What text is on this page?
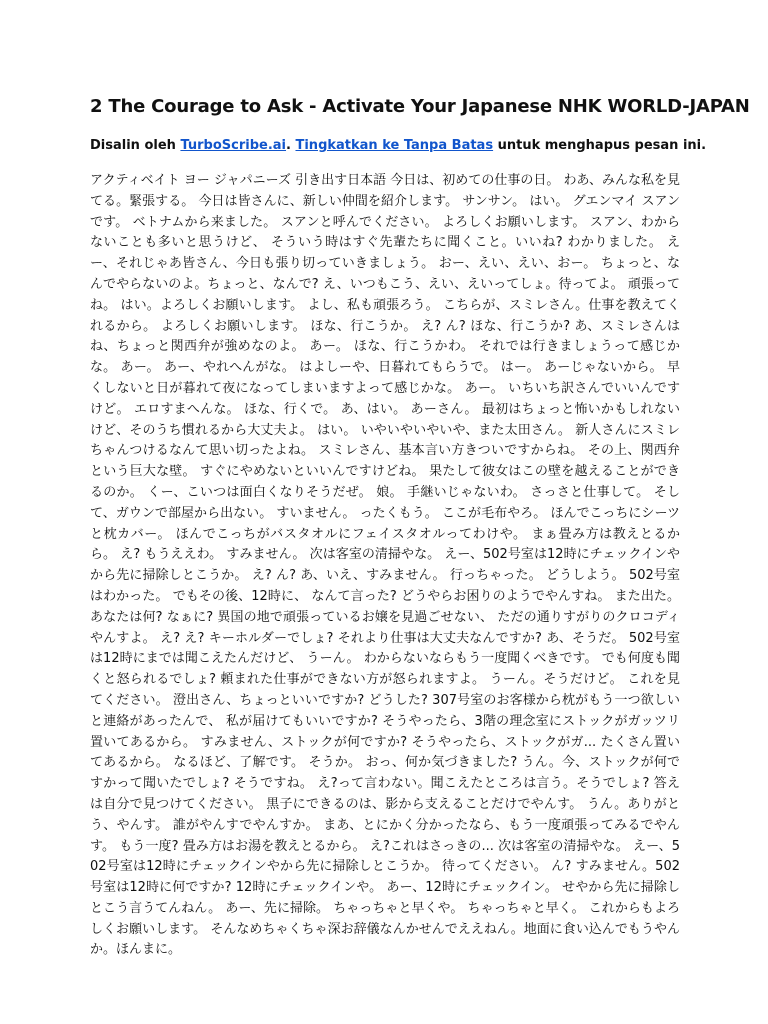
2 The Courage to Ask - Activate Your Japanese NHK WORLD-JAPAN

Disalin oleh TurboScribe.ai. Tingkatkan ke Tanpa Batas untuk menghapus pesan ini.

アクティベイト ヨー ジャパニーズ 引き出す日本語 今日は、初めての仕事の日。 わあ、みんな私を見てる。緊張する。 今日は皆さんに、新しい仲間を紹介します。 サンサン。 はい。 グエンマイ スアンです。 ベトナムから来ました。 スアンと呼んでください。 よろしくお願いします。 スアン、わからないことも多いと思うけど、 そういう時はすぐ先輩たちに聞くこと。いいね? わかりました。 えー、それじゃあ皆さん、今日も張り切っていきましょう。 おー、えい、えい、おー。 ちょっと、なんでやらないのよ。ちょっと、なんで? え、いつもこう、えい、えいってしょ。待ってよ。 頑張ってね。 はい。よろしくお願いします。 よし、私も頑張ろう。 こちらが、スミレさん。仕事を教えてくれるから。 よろしくお願いします。 ほな、行こうか。 え? ん? ほな、行こうか? あ、スミレさんはね、ちょっと関西弁が強めなのよ。 あー。 ほな、行こうかわ。 それでは行きましょうって感じかな。 あー。 あー、やれへんがな。 はよしーや、日暮れてもらうで。 はー。 あーじゃないから。 早くしないと日が暮れて夜になってしまいますよって感じかな。 あー。 いちいち訳さんでいいんですけど。 エロすまへんな。 ほな、行くで。 あ、はい。 あーさん。 最初はちょっと怖いかもしれないけど、そのうち慣れるから大丈夫よ。 はい。 いやいやいやいや、また太田さん。 新人さんにスミレちゃんつけるなんて思い切ったよね。 スミレさん、基本言い方きついですからね。 その上、関西弁という巨大な壁。 すぐにやめないといいんですけどね。 果たして彼女はこの壁を越えることができるのか。 くー、こいつは面白くなりそうだぜ。 娘。 手継いじゃないわ。 さっさと仕事して。 そして、ガウンで部屋から出ない。 すいません。 ったくもう。 ここが毛布やろ。 ほんでこっちにシーツと枕カバー。 ほんでこっちがバスタオルにフェイスタオルってわけや。 まぁ畳み方は教えとるから。 え? もうええわ。 すみません。 次は客室の清掃やな。 えー、502号室は12時にチェックインやから先に掃除しとこうか。 え? ん? あ、いえ、すみません。 行っちゃった。 どうしよう。 502号室はわかった。 でもその後、12時に、 なんて言った? どうやらお困りのようでやんすね。 また出た。 あなたは何? なぁに? 異国の地で頑張っているお嬢を見過ごせない、 ただの通りすがりのクロコディやんすよ。 え? え? キーホルダーでしょ? それより仕事は大丈夫なんですか? あ、そうだ。 502号室は12時にまでは聞こえたんだけど、 うーん。 わからないならもう一度聞くべきです。 でも何度も聞くと怒られるでしょ? 頼まれた仕事ができない方が怒られますよ。 うーん。そうだけど。 これを見てください。 澄出さん、ちょっといいですか? どうした? 307号室のお客様から枕がもう一つ欲しいと連絡があったんで、 私が届けてもいいですか? そうやったら、3階の理念室にストックがガッツリ置いてあるから。 すみません、ストックが何ですか? そうやったら、ストックがガ... たくさん置いてあるから。 なるほど、了解です。 そうか。 おっ、何か気づきました? うん。今、ストックが何ですかって聞いたでしょ? そうですね。 え?って言わない。聞こえたところは言う。そうでしょ? 答えは自分で見つけてください。 黒子にできるのは、影から支えることだけでやんす。 うん。ありがとう、やんす。 誰がやんすでやんすか。 まあ、とにかく分かったなら、もう一度頑張ってみるでやんす。 もう一度? 畳み方はお湯を教えとるから。 え?これはさっきの... 次は客室の清掃やな。 えー、502号室は12時にチェックインやから先に掃除しとこうか。 待ってください。 ん? すみません。502号室は12時に何ですか? 12時にチェックインや。 あー、12時にチェックイン。 せやから先に掃除しとこう言うてんねん。 あー、先に掃除。 ちゃっちゃと早くや。 ちゃっちゃと早く。 これからもよろしくお願いします。 そんなめちゃくちゃ深お辞儀なんかせんでええねん。地面に食い込んでもうやんか。ほんまに。
